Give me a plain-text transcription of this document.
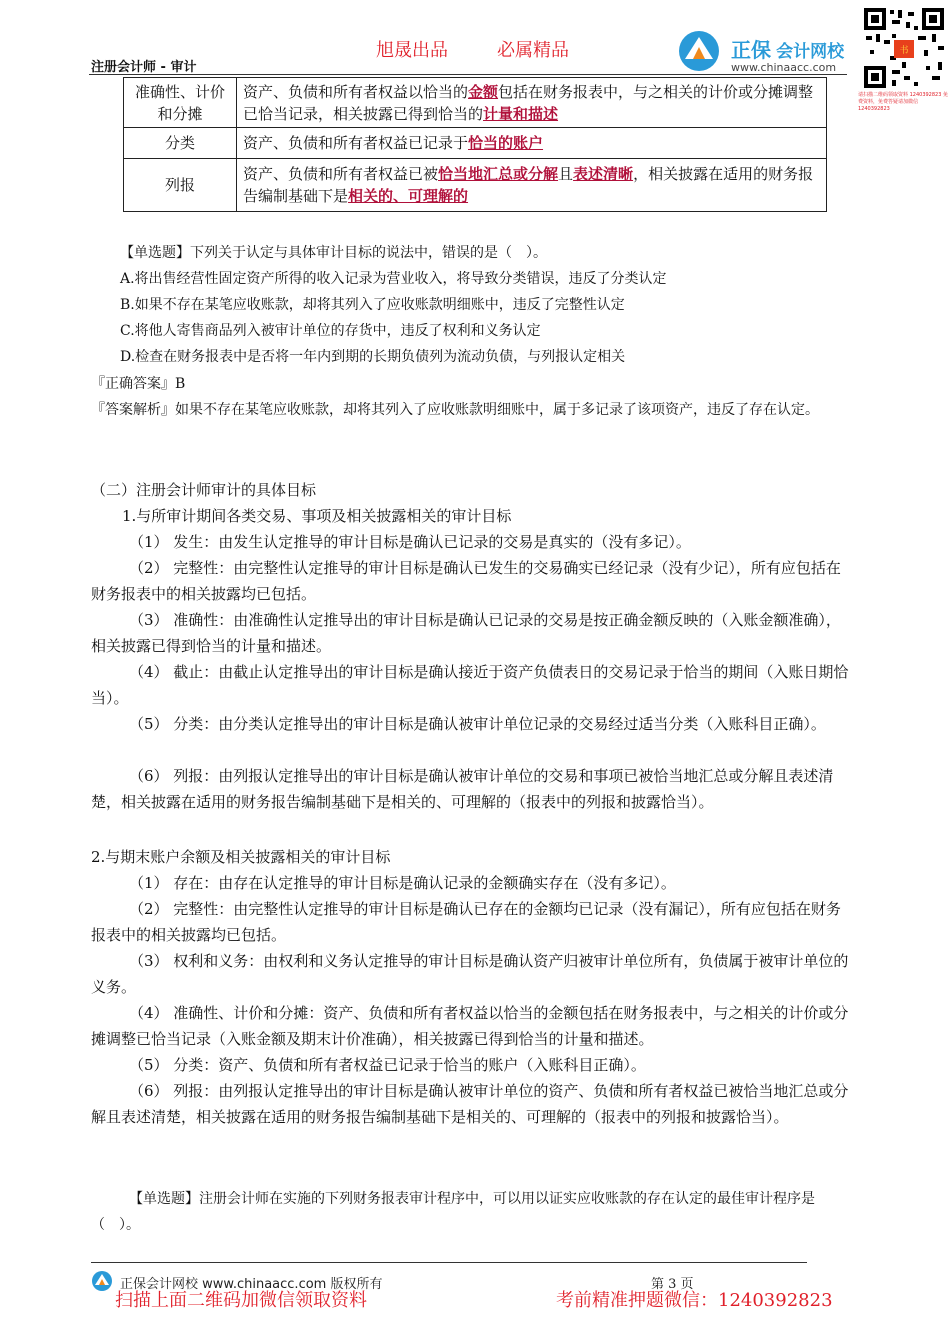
注册会计师 - 审计
旭晟出品	必属精品	正保 会计网校
www.chinaacc.com
书
请扫描二维码领取资料 1240392823 免费资料，免费答疑请加微信 1240392823
准确性、计价和分摊	资产、负债和所有者权益以恰当的金额包括在财务报表中，与之相关的计价或分摊调整已恰当记录，相关披露已得到恰当的计量和描述
分类	资产、负债和所有者权益已记录于恰当的账户
列报	资产、负债和所有者权益已被恰当地汇总或分解且表述清晰，相关披露在适用的财务报告编制基础下是相关的、可理解的
【单选题】下列关于认定与具体审计目标的说法中，错误的是（　）。
A.将出售经营性固定资产所得的收入记录为营业收入，将导致分类错误，违反了分类认定
B.如果不存在某笔应收账款，却将其列入了应收账款明细账中，违反了完整性认定
C.将他人寄售商品列入被审计单位的存货中，违反了权利和义务认定
D.检查在财务报表中是否将一年内到期的长期负债列为流动负债，与列报认定相关
『正确答案』B
『答案解析』如果不存在某笔应收账款，却将其列入了应收账款明细账中，属于多记录了该项资产，违反了存在认定。
（二）注册会计师审计的具体目标
1.与所审计期间各类交易、事项及相关披露相关的审计目标
（1） 发生：由发生认定推导的审计目标是确认已记录的交易是真实的（没有多记）。
（2） 完整性：由完整性认定推导的审计目标是确认已发生的交易确实已经记录（没有少记），所有应包括在财务报表中的相关披露均已包括。
（3） 准确性：由准确性认定推导出的审计目标是确认已记录的交易是按正确金额反映的（入账金额准确），相关披露已得到恰当的计量和描述。
（4） 截止：由截止认定推导出的审计目标是确认接近于资产负债表日的交易记录于恰当的期间（入账日期恰当）。
（5） 分类：由分类认定推导出的审计目标是确认被审计单位记录的交易经过适当分类（入账科目正确）。
（6） 列报：由列报认定推导出的审计目标是确认被审计单位的交易和事项已被恰当地汇总或分解且表述清楚，相关披露在适用的财务报告编制基础下是相关的、可理解的（报表中的列报和披露恰当）。
2.与期末账户余额及相关披露相关的审计目标
（1） 存在：由存在认定推导的审计目标是确认记录的金额确实存在（没有多记）。
（2） 完整性：由完整性认定推导的审计目标是确认已存在的金额均已记录（没有漏记），所有应包括在财务报表中的相关披露均已包括。
（3） 权利和义务：由权利和义务认定推导的审计目标是确认资产归被审计单位所有，负债属于被审计单位的义务。
（4） 准确性、计价和分摊：资产、负债和所有者权益以恰当的金额包括在财务报表中，与之相关的计价或分摊调整已恰当记录（入账金额及期末计价准确），相关披露已得到恰当的计量和描述。
（5） 分类：资产、负债和所有者权益已记录于恰当的账户（入账科目正确）。
（6） 列报：由列报认定推导出的审计目标是确认被审计单位的资产、负债和所有者权益已被恰当地汇总或分解且表述清楚，相关披露在适用的财务报告编制基础下是相关的、可理解的（报表中的列报和披露恰当）。
【单选题】注册会计师在实施的下列财务报表审计程序中，可以用以证实应收账款的存在认定的最佳审计程序是（　）。
正保会计网校 www.chinaacc.com 版权所有	第 3 页
扫描上面二维码加微信领取资料	考前精准押题微信：1240392823
